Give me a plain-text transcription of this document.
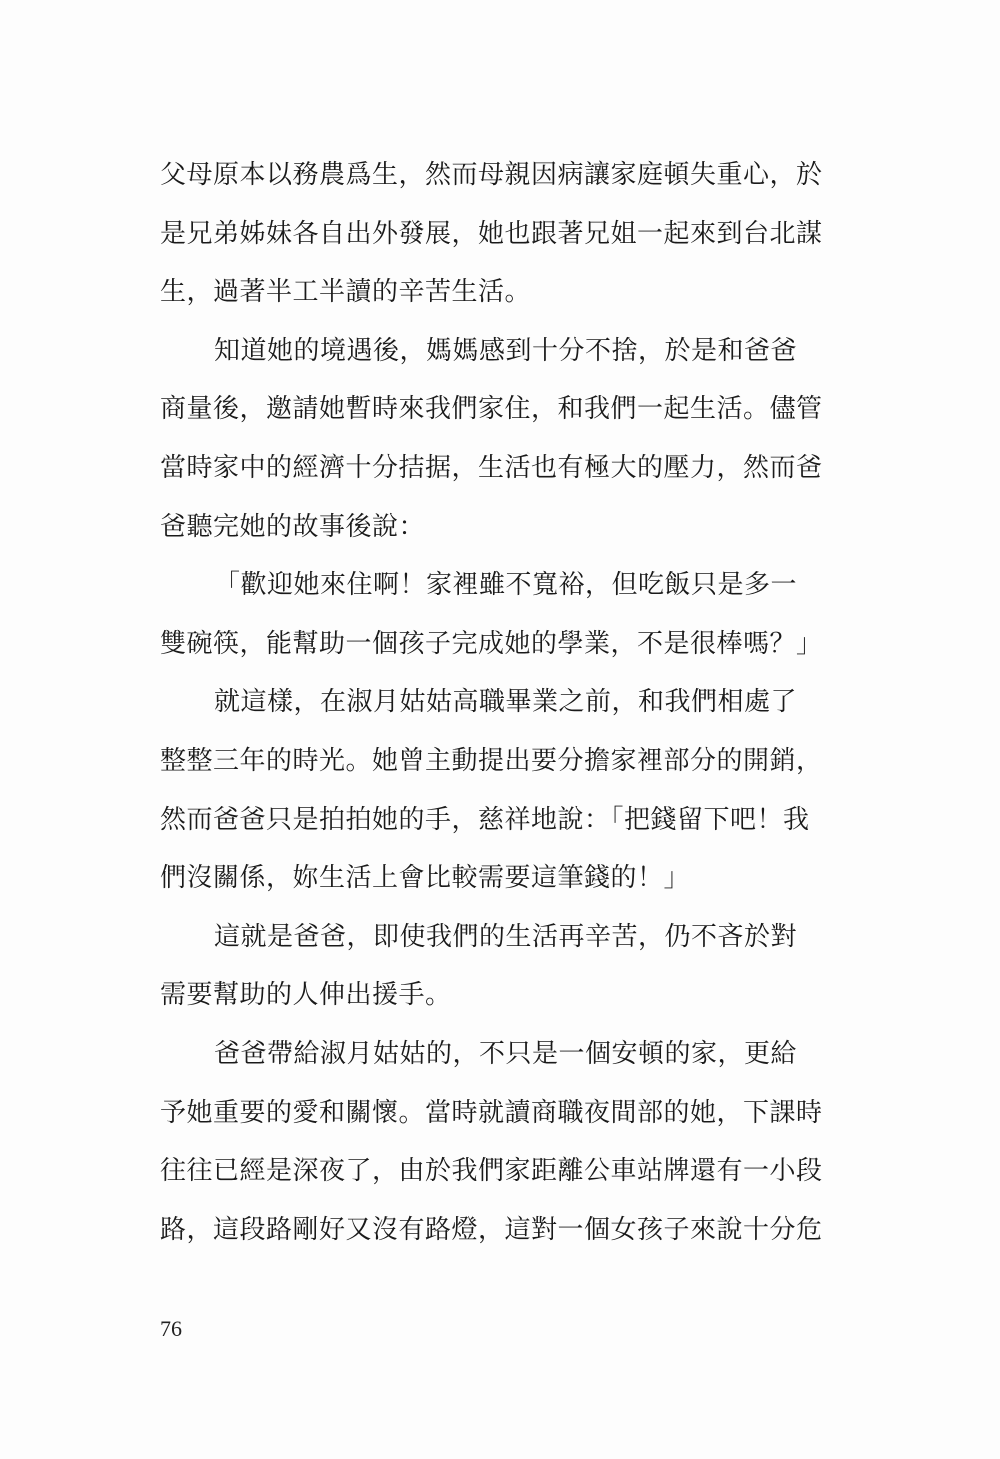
父母原本以務農爲生，然而母親因病讓家庭頓失重心，於
是兄弟姊妹各自出外發展，她也跟著兄姐一起來到台北謀
生，過著半工半讀的辛苦生活。
知道她的境遇後，媽媽感到十分不捨，於是和爸爸
商量後，邀請她暫時來我們家住，和我們一起生活。儘管
當時家中的經濟十分拮据，生活也有極大的壓力，然而爸
爸聽完她的故事後說：
「歡迎她來住啊！家裡雖不寬裕，但吃飯只是多一
雙碗筷，能幫助一個孩子完成她的學業，不是很棒嗎？」
就這樣，在淑月姑姑高職畢業之前，和我們相處了
整整三年的時光。她曾主動提出要分擔家裡部分的開銷，
然而爸爸只是拍拍她的手，慈祥地說：「把錢留下吧！我
們沒關係，妳生活上會比較需要這筆錢的！」
這就是爸爸，即使我們的生活再辛苦，仍不吝於對
需要幫助的人伸出援手。
爸爸帶給淑月姑姑的，不只是一個安頓的家，更給
予她重要的愛和關懷。當時就讀商職夜間部的她，下課時
往往已經是深夜了，由於我們家距離公車站牌還有一小段
路，這段路剛好又沒有路燈，這對一個女孩子來說十分危
76
